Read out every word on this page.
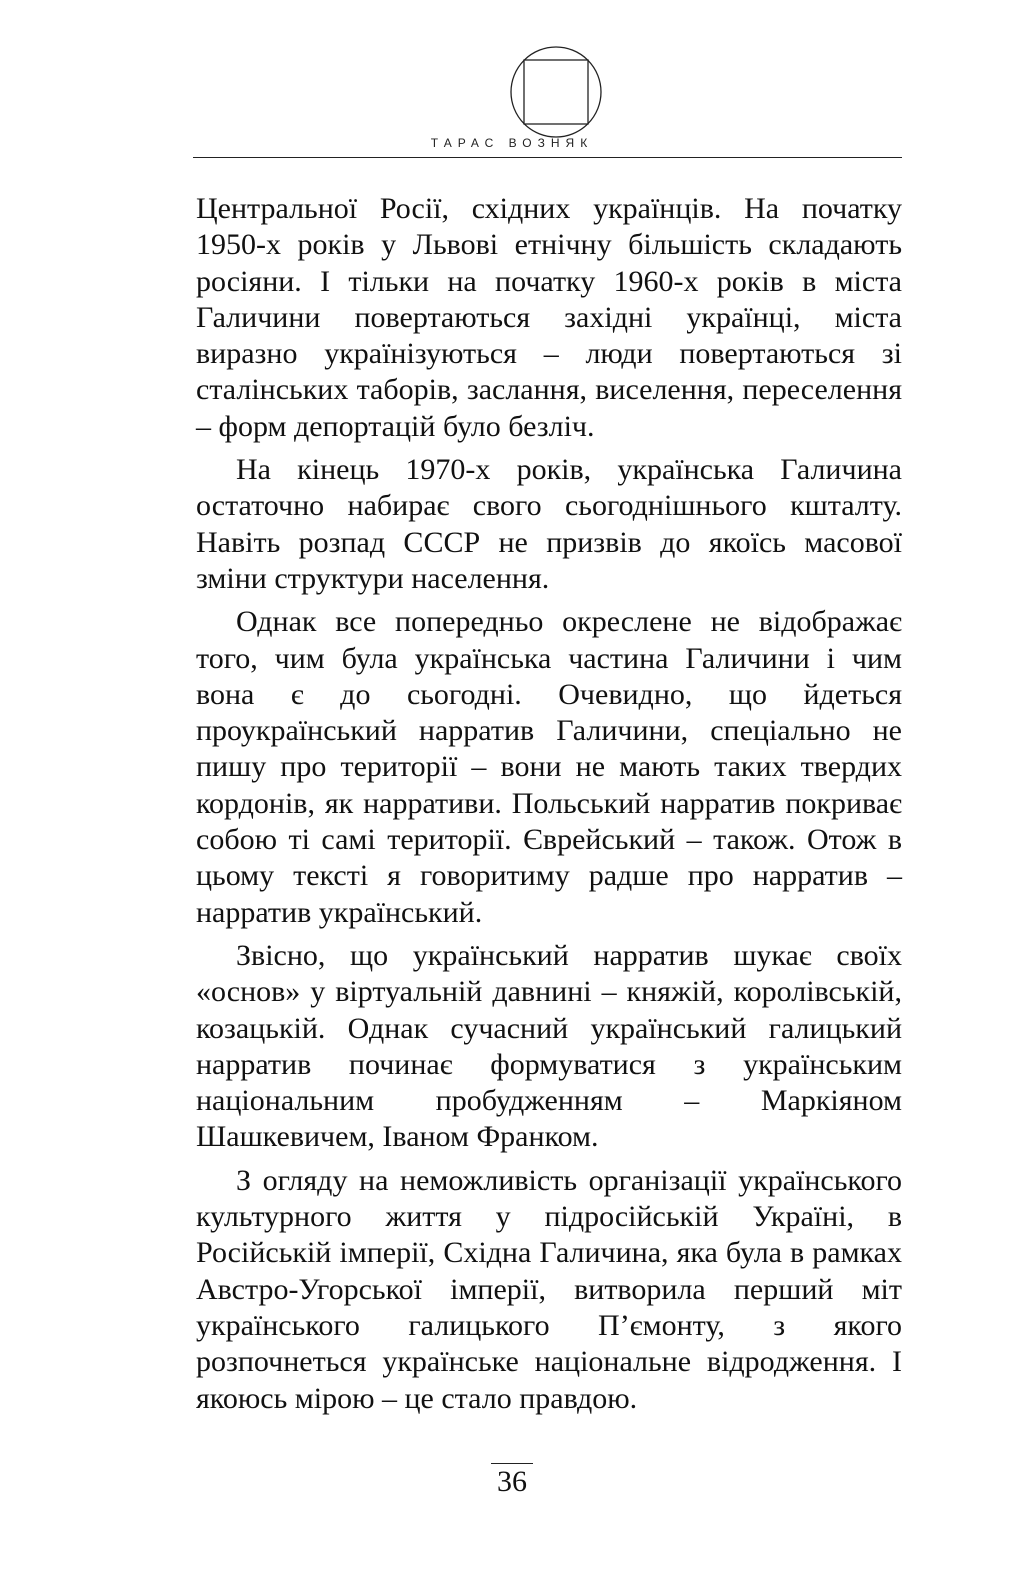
ТАРАС ВОЗНЯК

Центральної Росії, східних українців. На початку 1950-х років у Львові етнічну більшість складають росіяни. І тільки на початку 1960-х років в міста Галичини повертаються західні українці, міста виразно українізуються – люди повертаються зі сталінських таборів, заслання, виселення, переселення – форм депортацій було безліч.

На кінець 1970-х років, українська Галичина остаточно набирає свого сьогоднішнього кшталту. Навіть розпад СССР не призвів до якоїсь масової зміни структури населення.

Однак все попередньо окреслене не відображає того, чим була українська частина Галичини і чим вона є до сьогодні. Очевидно, що йдеться проукраїнський нарратив Галичини, спеціально не пишу про території – вони не мають таких твердих кордонів, як нарративи. Польський нарратив покриває собою ті самі території. Єврейський – також. Отож в цьому тексті я говоритиму радше про нарратив – нарратив український.

Звісно, що український нарратив шукає своїх «основ» у віртуальній давнині – княжій, королівській, козацькій. Однак сучасний український галицький нарратив починає формуватися з українським національним пробудженням – Маркіяном Шашкевичем, Іваном Франком.

З огляду на неможливість організації українського культурного життя у підросійській Україні, в Російській імперії, Східна Галичина, яка була в рамках Австро-Угорської імперії, витворила перший міт українського галицького П’ємонту, з якого розпочнеться українське національне відродження. І якоюсь мірою – це стало правдою.

36
